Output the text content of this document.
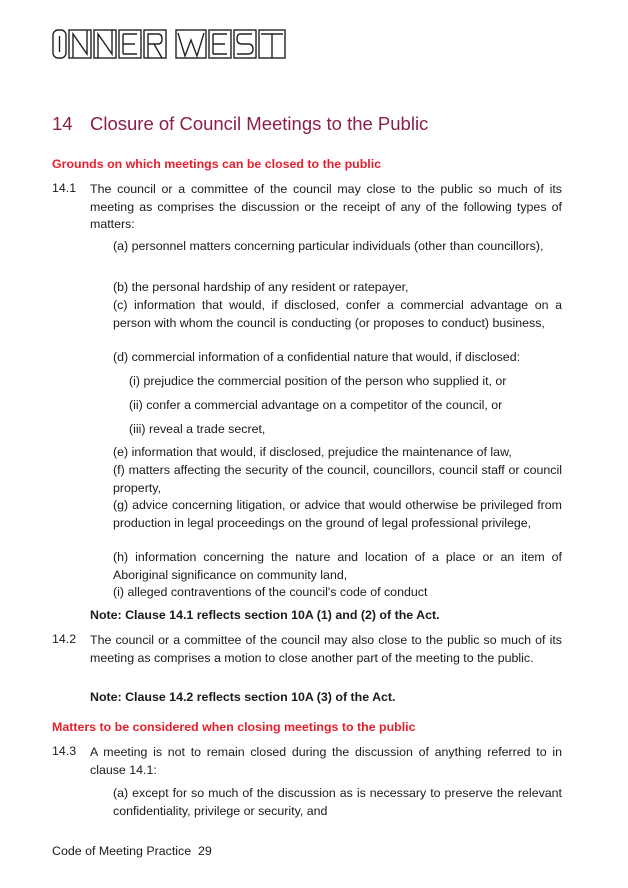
14 Closure of Council Meetings to the Public
Grounds on which meetings can be closed to the public
14.1 The council or a committee of the council may close to the public so much of its meeting as comprises the discussion or the receipt of any of the following types of matters:
(a) personnel matters concerning particular individuals (other than councillors),
(b) the personal hardship of any resident or ratepayer,
(c) information that would, if disclosed, confer a commercial advantage on a person with whom the council is conducting (or proposes to conduct) business,
(d) commercial information of a confidential nature that would, if disclosed:
(i) prejudice the commercial position of the person who supplied it, or
(ii) confer a commercial advantage on a competitor of the council, or
(iii) reveal a trade secret,
(e) information that would, if disclosed, prejudice the maintenance of law,
(f) matters affecting the security of the council, councillors, council staff or council property,
(g) advice concerning litigation, or advice that would otherwise be privileged from production in legal proceedings on the ground of legal professional privilege,
(h) information concerning the nature and location of a place or an item of Aboriginal significance on community land,
(i) alleged contraventions of the council's code of conduct
Note: Clause 14.1 reflects section 10A (1) and (2) of the Act.
14.2 The council or a committee of the council may also close to the public so much of its meeting as comprises a motion to close another part of the meeting to the public.
Note: Clause 14.2 reflects section 10A (3) of the Act.
Matters to be considered when closing meetings to the public
14.3 A meeting is not to remain closed during the discussion of anything referred to in clause 14.1:
(a) except for so much of the discussion as is necessary to preserve the relevant confidentiality, privilege or security, and
Code of Meeting Practice 29
